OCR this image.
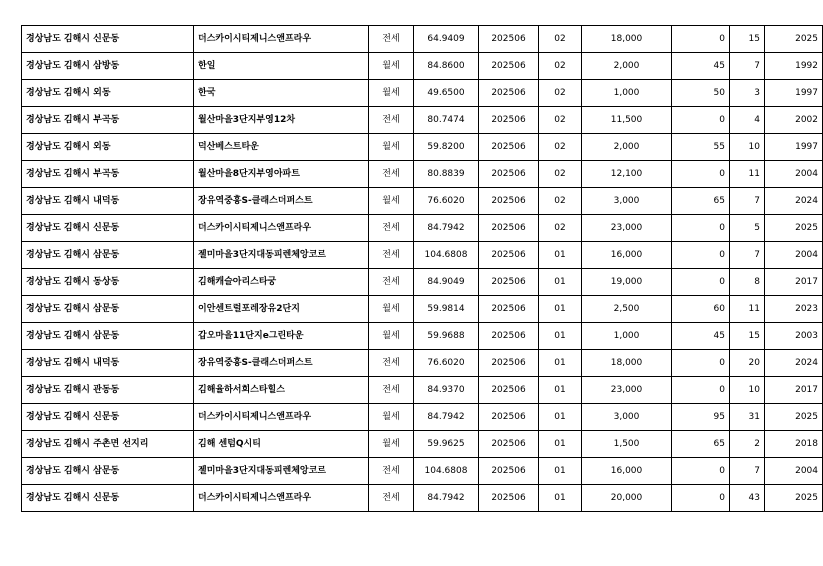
경상남도 김해시 신문동	더스카이시티제니스앤프라우	전세	64.9409	202506	02	18,000	0	15	2025
경상남도 김해시 삼방동	한일	월세	84.8600	202506	02	2,000	45	7	1992
경상남도 김해시 외동	한국	월세	49.6500	202506	02	1,000	50	3	1997
경상남도 김해시 부곡동	월산마을3단지부영12차	전세	80.7474	202506	02	11,500	0	4	2002
경상남도 김해시 외동	덕산베스트타운	월세	59.8200	202506	02	2,000	55	10	1997
경상남도 김해시 부곡동	월산마을8단지부영아파트	전세	80.8839	202506	02	12,100	0	11	2004
경상남도 김해시 내덕동	장유역중흥S-클래스더퍼스트	월세	76.6020	202506	02	3,000	65	7	2024
경상남도 김해시 신문동	더스카이시티제니스앤프라우	전세	84.7942	202506	02	23,000	0	5	2025
경상남도 김해시 삼문동	젤미마을3단지대동피렌체앙코르	전세	104.6808	202506	01	16,000	0	7	2004
경상남도 김해시 동상동	김해캐슬아리스타궁	전세	84.9049	202506	01	19,000	0	8	2017
경상남도 김해시 삼문동	이안센트럴포레장유2단지	월세	59.9814	202506	01	2,500	60	11	2023
경상남도 김해시 삼문동	갑오마을11단지e그린타운	월세	59.9688	202506	01	1,000	45	15	2003
경상남도 김해시 내덕동	장유역중흥S-클래스더퍼스트	전세	76.6020	202506	01	18,000	0	20	2024
경상남도 김해시 관동동	김해율하서희스타힐스	전세	84.9370	202506	01	23,000	0	10	2017
경상남도 김해시 신문동	더스카이시티제니스앤프라우	월세	84.7942	202506	01	3,000	95	31	2025
경상남도 김해시 주촌면 선지리	김해 센텀Q시티	월세	59.9625	202506	01	1,500	65	2	2018
경상남도 김해시 삼문동	젤미마을3단지대동피렌체앙코르	전세	104.6808	202506	01	16,000	0	7	2004
경상남도 김해시 신문동	더스카이시티제니스앤프라우	전세	84.7942	202506	01	20,000	0	43	2025
